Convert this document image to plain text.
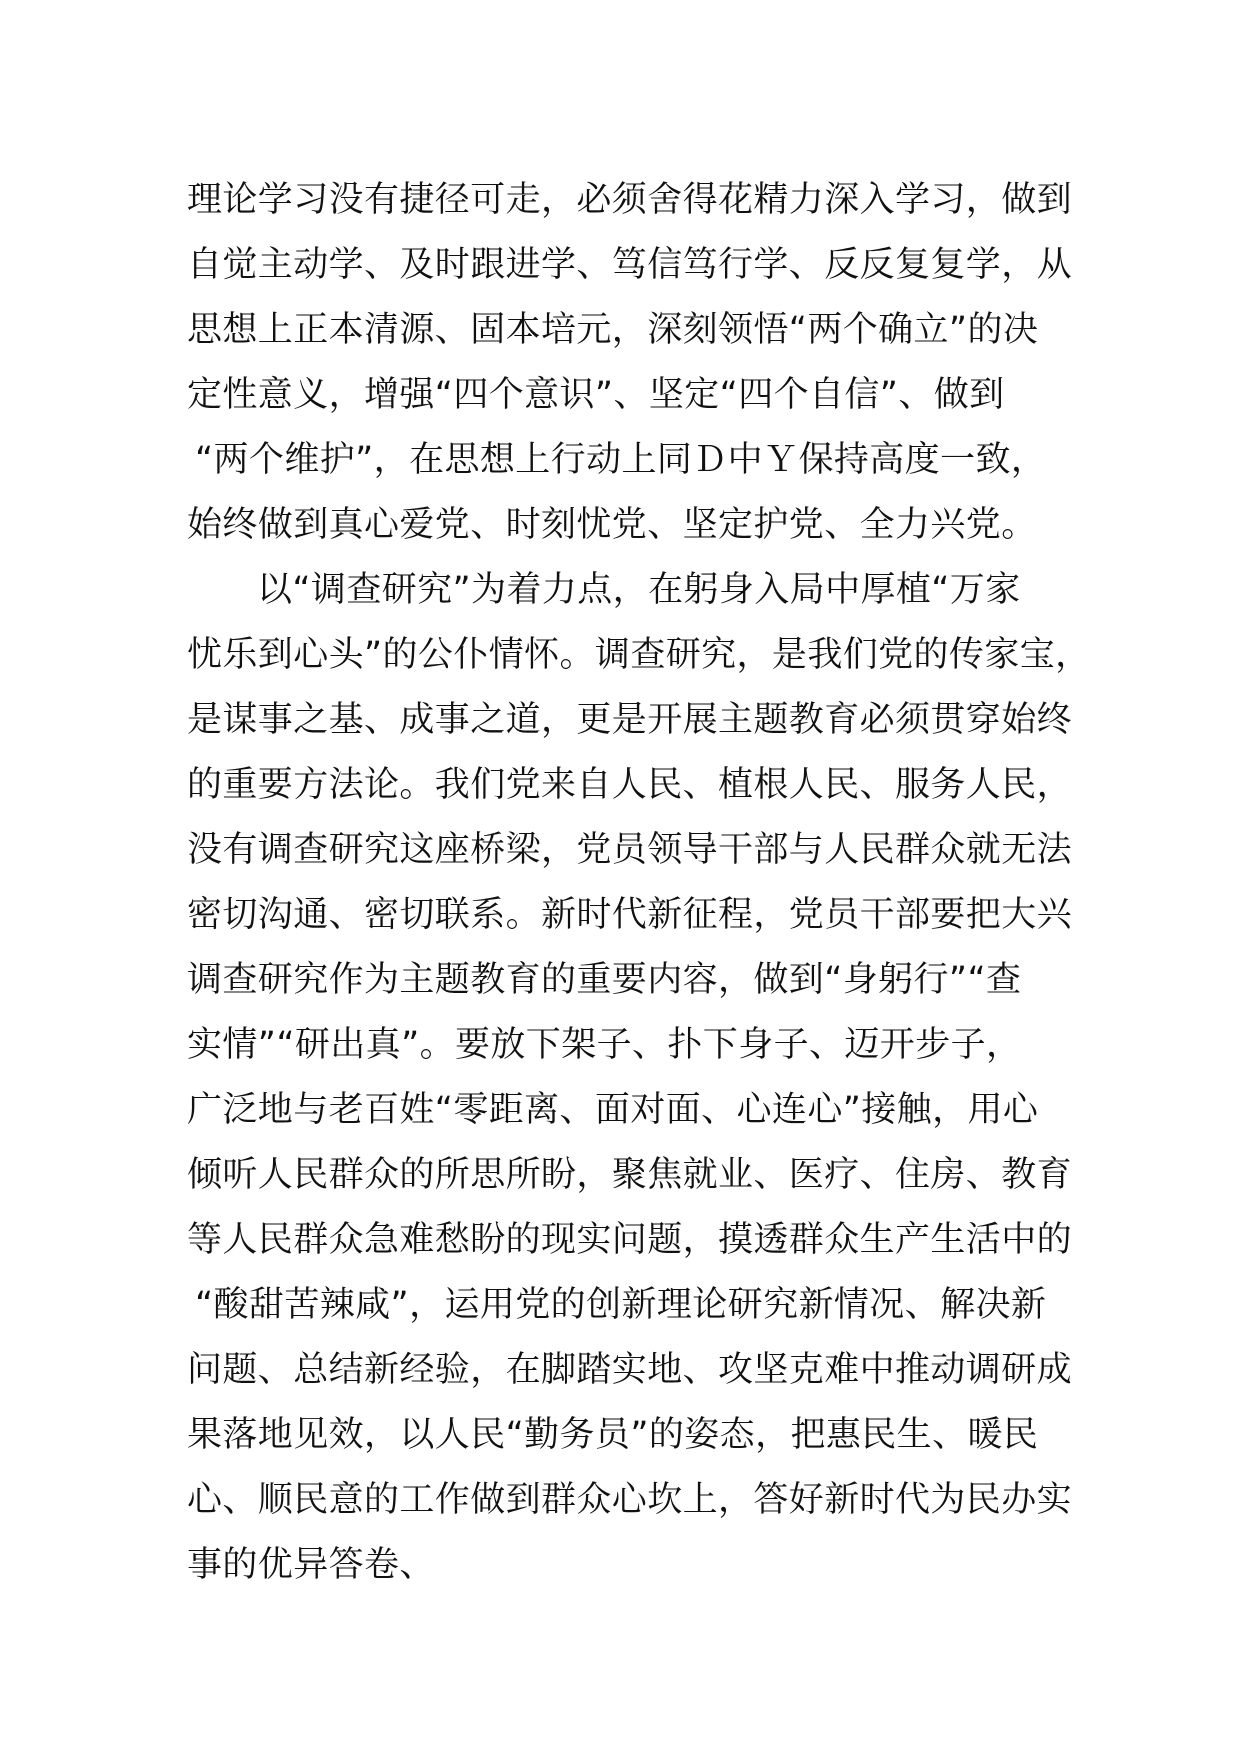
理论学习没有捷径可走，必须舍得花精力深入学习，做到
自觉主动学、及时跟进学、笃信笃行学、反反复复学，从
思想上正本清源、固本培元，深刻领悟“两个确立”的决
定性意义，增强“四个意识”、坚定“四个自信”、做到
“两个维护”，在思想上行动上同Ｄ中Ｙ保持高度一致，
始终做到真心爱党、时刻忧党、坚定护党、全力兴党。
以“调查研究”为着力点，在躬身入局中厚植“万家
忧乐到心头”的公仆情怀。调查研究，是我们党的传家宝，
是谋事之基、成事之道，更是开展主题教育必须贯穿始终
的重要方法论。我们党来自人民、植根人民、服务人民，
没有调查研究这座桥梁，党员领导干部与人民群众就无法
密切沟通、密切联系。新时代新征程，党员干部要把大兴
调查研究作为主题教育的重要内容，做到“身躬行”“查
实情”“研出真”。要放下架子、扑下身子、迈开步子，
广泛地与老百姓“零距离、面对面、心连心”接触，用心
倾听人民群众的所思所盼，聚焦就业、医疗、住房、教育
等人民群众急难愁盼的现实问题，摸透群众生产生活中的
“酸甜苦辣咸”，运用党的创新理论研究新情况、解决新
问题、总结新经验，在脚踏实地、攻坚克难中推动调研成
果落地见效，以人民“勤务员”的姿态，把惠民生、暖民
心、顺民意的工作做到群众心坎上，答好新时代为民办实
事的优异答卷、
